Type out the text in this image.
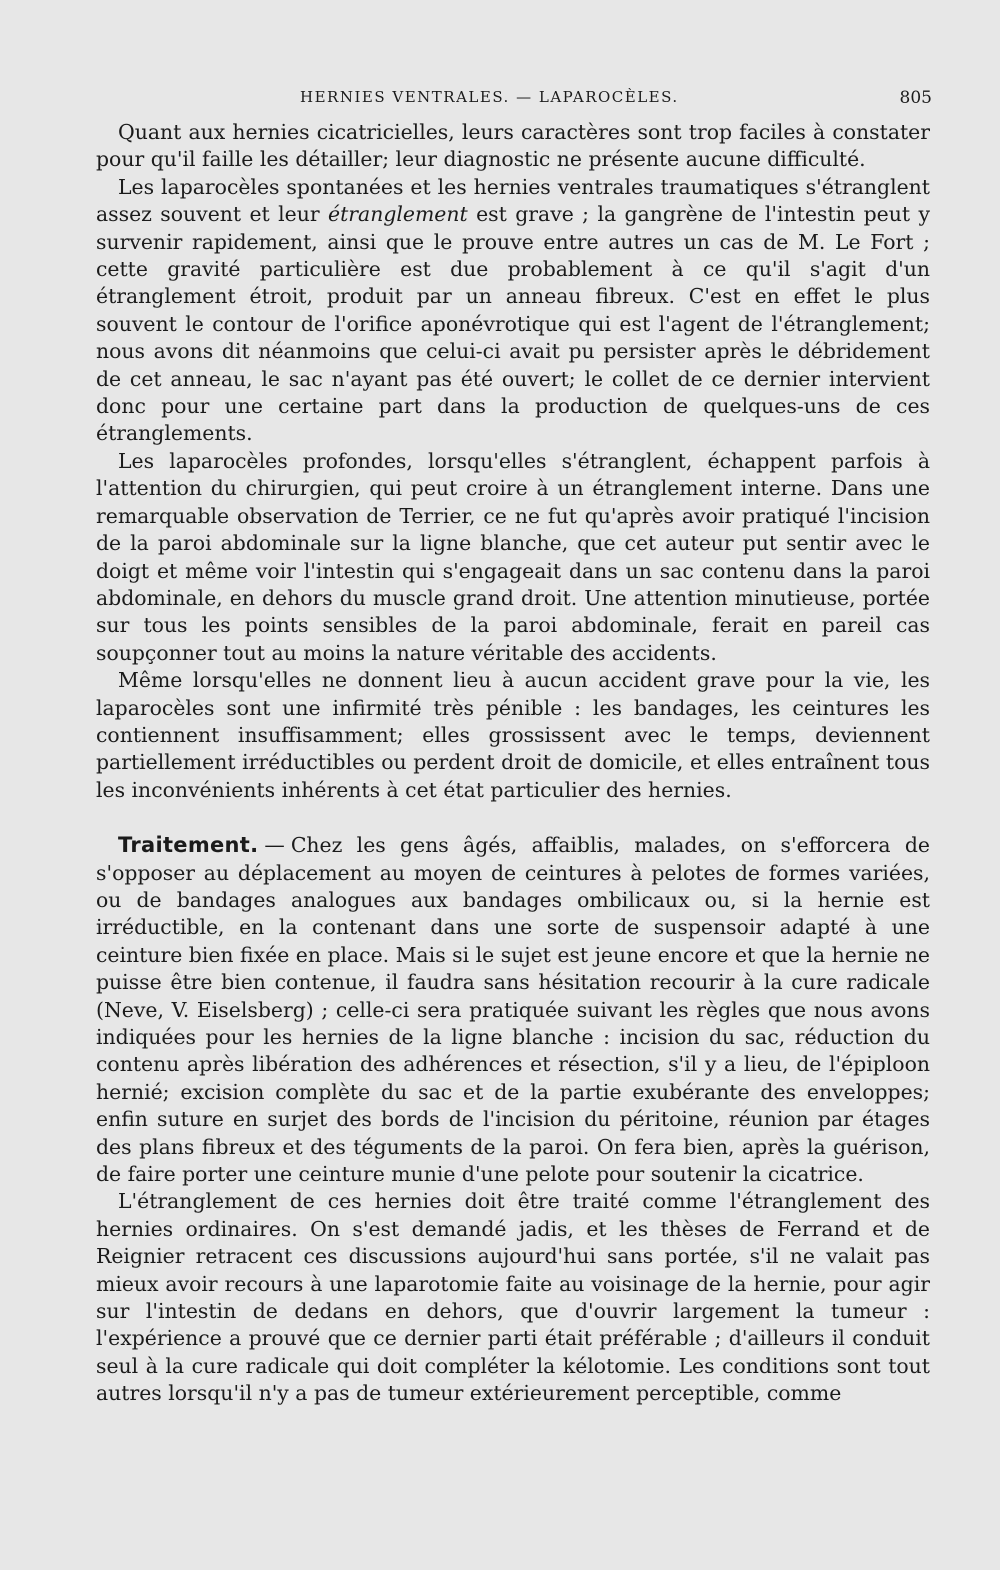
HERNIES VENTRALES. — LAPAROCÈLES.	805

Quant aux hernies cicatricielles, leurs caractères sont trop faciles à constater pour qu'il faille les détailler; leur diagnostic ne présente aucune difficulté.

Les laparocèles spontanées et les hernies ventrales traumatiques s'étranglent assez souvent et leur étranglement est grave ; la gangrène de l'intestin peut y survenir rapidement, ainsi que le prouve entre autres un cas de M. Le Fort ; cette gravité particulière est due probablement à ce qu'il s'agit d'un étranglement étroit, produit par un anneau fibreux. C'est en effet le plus souvent le contour de l'orifice aponévrotique qui est l'agent de l'étranglement; nous avons dit néanmoins que celui-ci avait pu persister après le débridement de cet anneau, le sac n'ayant pas été ouvert; le collet de ce dernier intervient donc pour une certaine part dans la production de quelques-uns de ces étranglements.

Les laparocèles profondes, lorsqu'elles s'étranglent, échappent parfois à l'attention du chirurgien, qui peut croire à un étranglement interne. Dans une remarquable observation de Terrier, ce ne fut qu'après avoir pratiqué l'incision de la paroi abdominale sur la ligne blanche, que cet auteur put sentir avec le doigt et même voir l'intestin qui s'engageait dans un sac contenu dans la paroi abdominale, en dehors du muscle grand droit. Une attention minutieuse, portée sur tous les points sensibles de la paroi abdominale, ferait en pareil cas soupçonner tout au moins la nature véritable des accidents.

Même lorsqu'elles ne donnent lieu à aucun accident grave pour la vie, les laparocèles sont une infirmité très pénible : les bandages, les ceintures les contiennent insuffisamment; elles grossissent avec le temps, deviennent partiellement irréductibles ou perdent droit de domicile, et elles entraînent tous les inconvénients inhérents à cet état particulier des hernies.

Traitement. — Chez les gens âgés, affaiblis, malades, on s'efforcera de s'opposer au déplacement au moyen de ceintures à pelotes de formes variées, ou de bandages analogues aux bandages ombilicaux ou, si la hernie est irréductible, en la contenant dans une sorte de suspensoir adapté à une ceinture bien fixée en place. Mais si le sujet est jeune encore et que la hernie ne puisse être bien contenue, il faudra sans hésitation recourir à la cure radicale (Neve, V. Eiselsberg) ; celle-ci sera pratiquée suivant les règles que nous avons indiquées pour les hernies de la ligne blanche : incision du sac, réduction du contenu après libération des adhérences et résection, s'il y a lieu, de l'épiploon hernié; excision complète du sac et de la partie exubérante des enveloppes; enfin suture en surjet des bords de l'incision du péritoine, réunion par étages des plans fibreux et des téguments de la paroi. On fera bien, après la guérison, de faire porter une ceinture munie d'une pelote pour soutenir la cicatrice.

L'étranglement de ces hernies doit être traité comme l'étranglement des hernies ordinaires. On s'est demandé jadis, et les thèses de Ferrand et de Reignier retracent ces discussions aujourd'hui sans portée, s'il ne valait pas mieux avoir recours à une laparotomie faite au voisinage de la hernie, pour agir sur l'intestin de dedans en dehors, que d'ouvrir largement la tumeur : l'expérience a prouvé que ce dernier parti était préférable ; d'ailleurs il conduit seul à la cure radicale qui doit compléter la kélotomie. Les conditions sont tout autres lorsqu'il n'y a pas de tumeur extérieurement perceptible, comme
